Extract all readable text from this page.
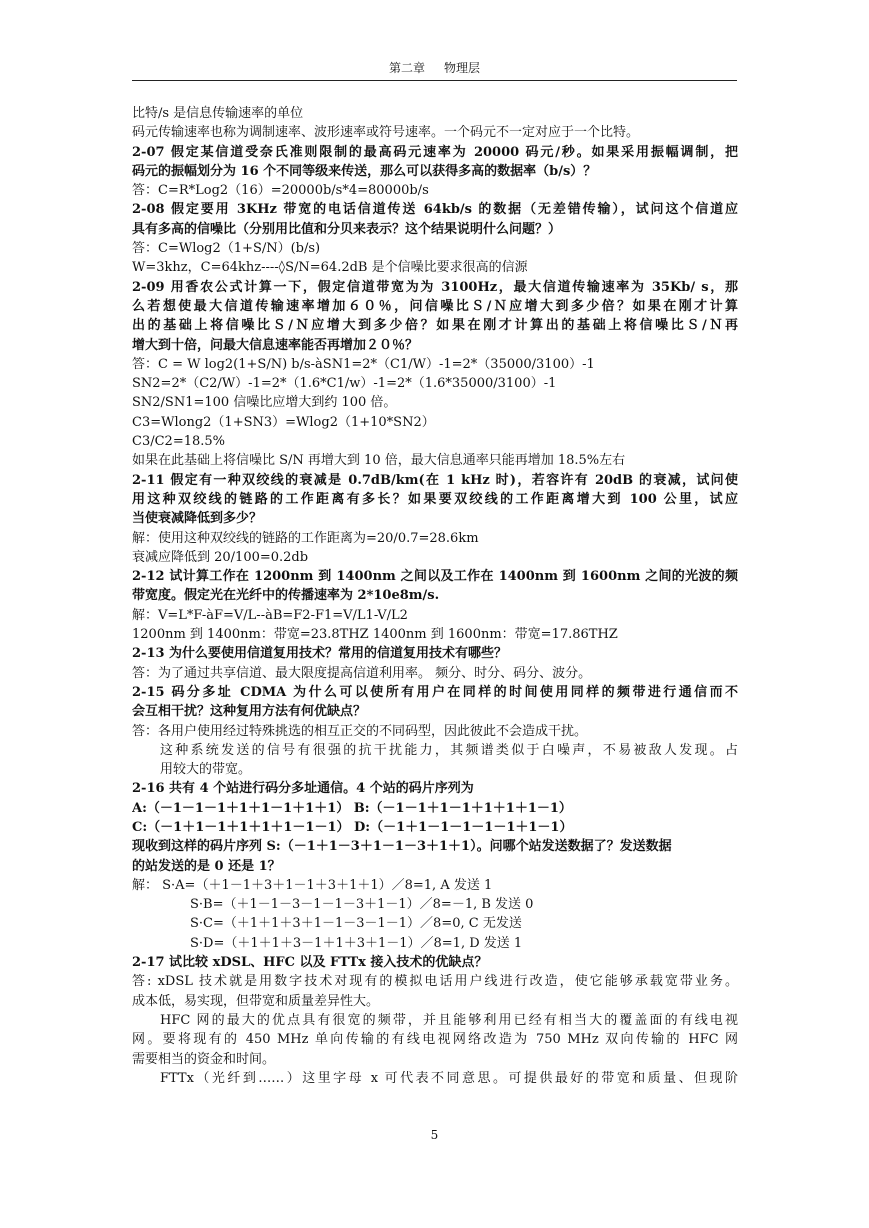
第二章 物理层

比特/s 是信息传输速率的单位

码元传输速率也称为调制速率、波形速率或符号速率。一个码元不一定对应于一个比特。

2-07 假定某信道受奈氏准则限制的最高码元速率为 20000 码元/秒。如果采用振幅调制，把

码元的振幅划分为 16 个不同等级来传送，那么可以获得多高的数据率（b/s）？

答：C=R*Log2（16）=20000b/s*4=80000b/s

2-08 假定要用 3KHz 带宽的电话信道传送 64kb/s 的数据（无差错传输），试问这个信道应

具有多高的信噪比（分别用比值和分贝来表示？这个结果说明什么问题？）

答：C=Wlog2（1+S/N）(b/s)

W=3khz，C=64khz----◊S/N=64.2dB 是个信噪比要求很高的信源

2-09 用香农公式计算一下，假定信道带宽为为 3100Hz，最大信道传输速率为 35Kb/ s，那

么若想使最大信道传输速率增加６０％，问信噪比Ｓ/Ｎ应增大到多少倍？如果在刚才计算

出的基础上将信噪比Ｓ/Ｎ应增大到多少倍？如果在刚才计算出的基础上将信噪比Ｓ/Ｎ再

增大到十倍，问最大信息速率能否再增加２０％？

答：C = W log2(1+S/N) b/s-àSN1=2*（C1/W）-1=2*（35000/3100）-1

SN2=2*（C2/W）-1=2*（1.6*C1/w）-1=2*（1.6*35000/3100）-1

SN2/SN1=100 信噪比应增大到约 100 倍。

C3=Wlong2（1+SN3）=Wlog2（1+10*SN2）

C3/C2=18.5%

如果在此基础上将信噪比 S/N 再增大到 10 倍，最大信息通率只能再增加 18.5%左右

2-11 假定有一种双绞线的衰减是 0.7dB/km(在 1 kHz 时)，若容许有 20dB 的衰减，试问使

用这种双绞线的链路的工作距离有多长？如果要双绞线的工作距离增大到 100 公里，试应

当使衰减降低到多少？

解：使用这种双绞线的链路的工作距离为=20/0.7=28.6km

衰减应降低到 20/100=0.2db

2-12 试计算工作在 1200nm 到 1400nm 之间以及工作在 1400nm 到 1600nm 之间的光波的频

带宽度。假定光在光纤中的传播速率为 2*10e8m/s.

解：V=L*F-àF=V/L--àB=F2-F1=V/L1-V/L2

1200nm 到 1400nm：带宽=23.8THZ 1400nm 到 1600nm：带宽=17.86THZ

2-13 为什么要使用信道复用技术？常用的信道复用技术有哪些？

答：为了通过共享信道、最大限度提高信道利用率。 频分、时分、码分、波分。

2-15 码分多址 CDMA 为什么可以使所有用户在同样的时间使用同样的频带进行通信而不

会互相干扰？这种复用方法有何优缺点？

答：各用户使用经过特殊挑选的相互正交的不同码型，因此彼此不会造成干扰。

这种系统发送的信号有很强的抗干扰能力，其频谱类似于白噪声，不易被敌人发现。占

用较大的带宽。

2-16 共有 4 个站进行码分多址通信。4 个站的码片序列为

A:（－1－1－1＋1＋1－1＋1＋1） B:（－1－1＋1－1＋1＋1＋1－1）

C:（－1＋1－1＋1＋1＋1－1－1） D:（－1＋1－1－1－1－1＋1－1）

现收到这样的码片序列 S:（－1＋1－3＋1－1－3＋1＋1）。问哪个站发送数据了？发送数据

的站发送的是 0 还是 1？

解： S·A=（＋1－1＋3＋1－1＋3＋1＋1）／8=1, A 发送 1

S·B=（＋1－1－3－1－1－3＋1－1）／8=－1, B 发送 0

S·C=（＋1＋1＋3＋1－1－3－1－1）／8=0, C 无发送

S·D=（＋1＋1＋3－1＋1＋3＋1－1）／8=1, D 发送 1

2-17 试比较 xDSL、HFC 以及 FTTx 接入技术的优缺点？

答: xDSL 技术就是用数字技术对现有的模拟电话用户线进行改造，使它能够承载宽带业务。

成本低，易实现，但带宽和质量差异性大。

HFC 网的最大的优点具有很宽的频带，并且能够利用已经有相当大的覆盖面的有线电视

网。要将现有的 450 MHz 单向传输的有线电视网络改造为 750 MHz 双向传输的 HFC 网

需要相当的资金和时间。

FTTx（光纤到……）这里字母 x 可代表不同意思。可提供最好的带宽和质量、但现阶

5
